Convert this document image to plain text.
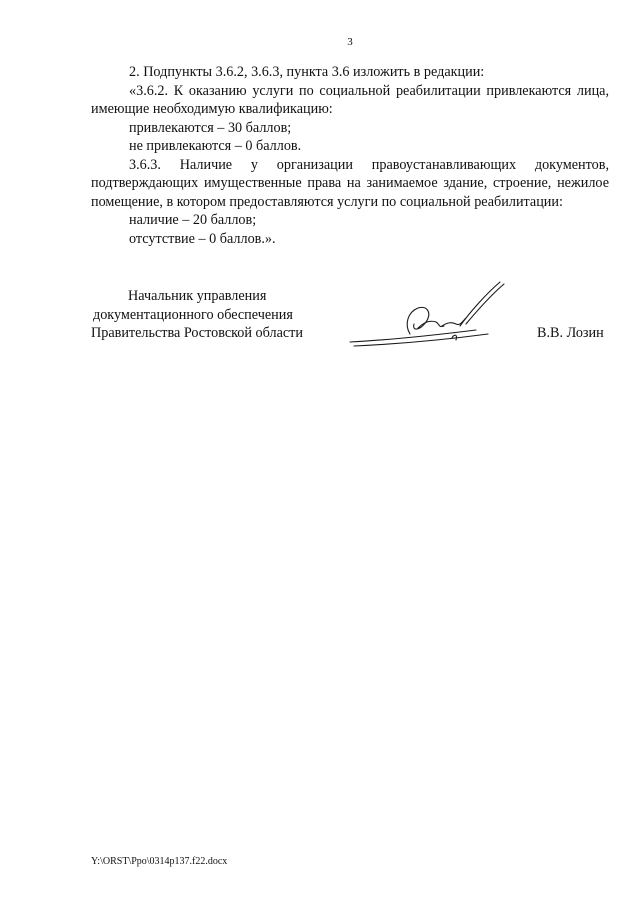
3

2. Подпункты 3.6.2, 3.6.3, пункта 3.6 изложить в редакции:

«3.6.2. К оказанию услуги по социальной реабилитации привлекаются лица, имеющие необходимую квалификацию:

привлекаются – 30 баллов;

не привлекаются – 0 баллов.

3.6.3. Наличие у организации правоустанавливающих документов, подтверждающих имущественные права на занимаемое здание, строение, нежилое помещение, в котором предоставляются услуги по социальной реабилитации:

наличие – 20 баллов;

отсутствие – 0 баллов.».

Начальник управления
документационного обеспечения
Правительства Ростовской области	В.В. Лозин
Y:\ORST\Ppo\0314p137.f22.docx
